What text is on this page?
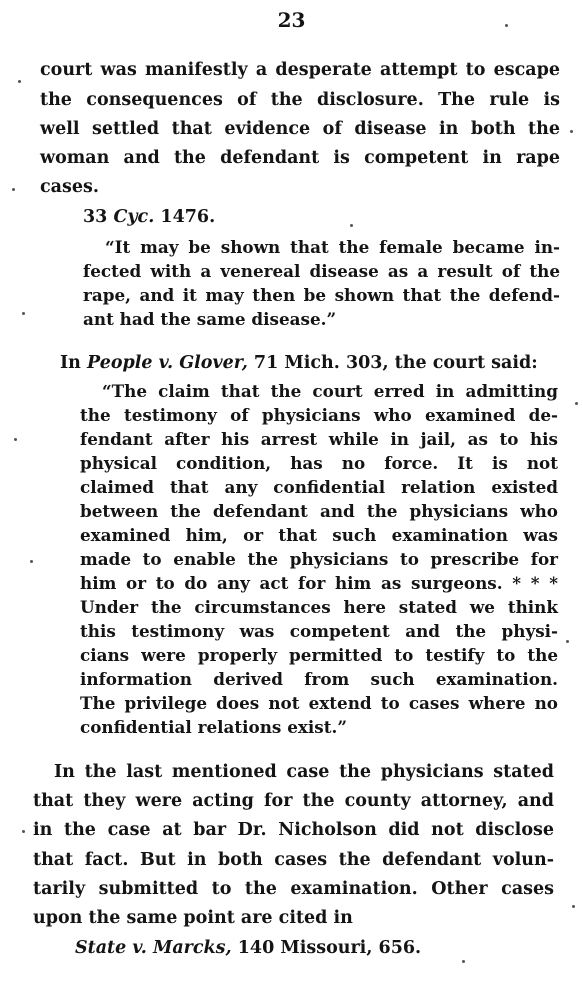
23
court was manifestly a desperate attempt to escape
the consequences of the disclosure. The rule is
well settled that evidence of disease in both the
woman and the defendant is competent in rape
cases.
33 Cyc. 1476.
“It may be shown that the female became in-
fected with a venereal disease as a result of the
rape, and it may then be shown that the defend-
ant had the same disease.”
In People v. Glover, 71 Mich. 303, the court said:
“The claim that the court erred in admitting
the testimony of physicians who examined de-
fendant after his arrest while in jail, as to his
physical condition, has no force. It is not
claimed that any confidential relation existed
between the defendant and the physicians who
examined him, or that such examination was
made to enable the physicians to prescribe for
him or to do any act for him as surgeons. * * *
Under the circumstances here stated we think
this testimony was competent and the physi-
cians were properly permitted to testify to the
information derived from such examination.
The privilege does not extend to cases where no
confidential relations exist.”
In the last mentioned case the physicians stated
that they were acting for the county attorney, and
in the case at bar Dr. Nicholson did not disclose
that fact. But in both cases the defendant volun-
tarily submitted to the examination. Other cases
upon the same point are cited in
State v. Marcks, 140 Missouri, 656.
